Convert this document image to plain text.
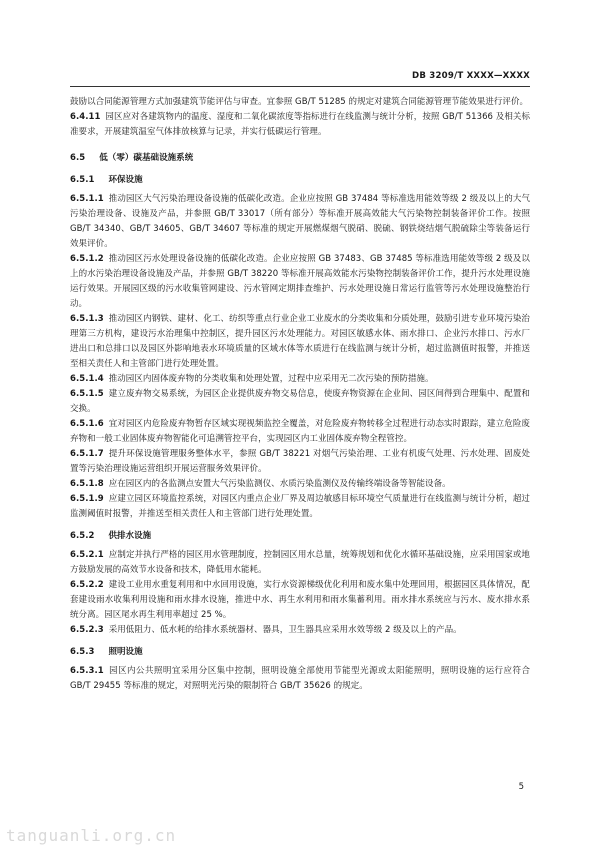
DB 3209/T XXXX—XXXX

鼓励以合同能源管理方式加强建筑节能评估与审查。宜参照 GB/T 51285 的规定对建筑合同能源管理节能效果进行评价。

6.4.11 园区应对各建筑物内的温度、湿度和二氧化碳浓度等指标进行在线监测与统计分析，按照 GB/T 51366 及相关标准要求，开展建筑温室气体排放核算与记录，并实行低碳运行管理。

6.5 低（零）碳基础设施系统

6.5.1 环保设施

6.5.1.1 推动园区大气污染治理设备设施的低碳化改造。企业应按照 GB 37484 等标准选用能效等级 2 级及以上的大气污染治理设备、设施及产品，并参照 GB/T 33017（所有部分）等标准开展高效能大气污染物控制装备评价工作。按照 GB/T 34340、GB/T 34605、GB/T 34607 等标准的规定开展燃煤烟气脱硝、脱硫、钢铁烧结烟气脱硫除尘等装备运行效果评价。

6.5.1.2 推动园区污水处理设备设施的低碳化改造。企业应按照 GB 37483、GB 37485 等标准选用能效等级 2 级及以上的水污染治理设备设施及产品，并参照 GB/T 38220 等标准开展高效能水污染物控制装备评价工作，提升污水处理设施运行效果。开展园区级的污水收集管网建设、污水管网定期排查维护、污水处理设施日常运行监管等污水处理设施整治行动。

6.5.1.3 推动园区内钢铁、建材、化工、纺织等重点行业企业工业废水的分类收集和分质处理，鼓励引进专业环境污染治理第三方机构，建设污水治理集中控制区，提升园区污水处理能力。对园区敏感水体、雨水排口、企业污水排口、污水厂进出口和总排口以及园区外影响地表水环境质量的区域水体等水质进行在线监测与统计分析，超过监测值时报警，并推送至相关责任人和主管部门进行处理处置。

6.5.1.4 推动园区内固体废弃物的分类收集和处理处置，过程中应采用无二次污染的预防措施。

6.5.1.5 建立废弃物交易系统，为园区企业提供废弃物交易信息，使废弃物资源在企业间、园区间得到合理集中、配置和交换。

6.5.1.6 宜对园区内危险废弃物暂存区域实现视频监控全覆盖，对危险废弃物转移全过程进行动态实时跟踪，建立危险废弃物和一般工业固体废弃物智能化可追溯管控平台，实现园区内工业固体废弃物全程管控。

6.5.1.7 提升环保设施管理服务整体水平，参照 GB/T 38221 对烟气污染治理、工业有机废气处理、污水处理、固废处置等污染治理设施运营组织开展运营服务效果评价。

6.5.1.8 应在园区内的各监测点安置大气污染监测仪、水质污染监测仪及传输终端设备等智能设备。

6.5.1.9 应建立园区环境监控系统，对园区内重点企业厂界及周边敏感目标环境空气质量进行在线监测与统计分析，超过监测阈值时报警，并推送至相关责任人和主管部门进行处理处置。

6.5.2 供排水设施

6.5.2.1 应制定并执行严格的园区用水管理制度，控制园区用水总量，统筹规划和优化水循环基础设施，应采用国家或地方鼓励发展的高效节水设备和技术，降低用水能耗。

6.5.2.2 建设工业用水重复利用和中水回用设施，实行水资源梯级优化利用和废水集中处理回用，根据园区具体情况，配套建设雨水收集利用设施和雨水排水设施，推进中水、再生水利用和雨水集蓄利用。雨水排水系统应与污水、废水排水系统分离。园区尾水再生利用率超过 25 %。

6.5.2.3 采用低阻力、低水耗的给排水系统器材、器具，卫生器具应采用水效等级 2 级及以上的产品。

6.5.3 照明设施

6.5.3.1 园区内公共照明宜采用分区集中控制，照明设施全部使用节能型光源或太阳能照明，照明设施的运行应符合 GB/T 29455 等标准的规定，对照明光污染的限制符合 GB/T 35626 的规定。

5
tanguanli.org.cn
